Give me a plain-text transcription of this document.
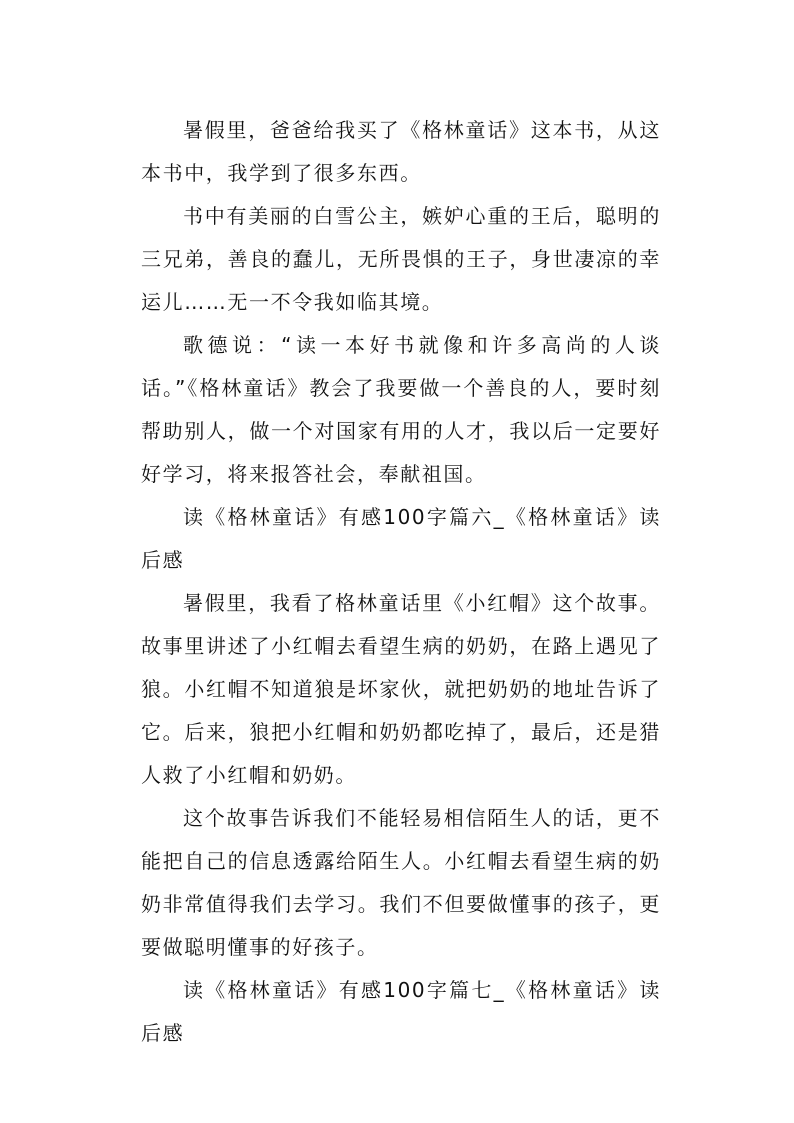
暑假里，爸爸给我买了《格林童话》这本书，从这本书中，我学到了很多东西。

书中有美丽的白雪公主，嫉妒心重的王后，聪明的三兄弟，善良的蠢儿，无所畏惧的王子，身世凄凉的幸运儿……无一不令我如临其境。

歌德说：“读一本好书就像和许多高尚的人谈话。”《格林童话》教会了我要做一个善良的人，要时刻帮助别人，做一个对国家有用的人才，我以后一定要好好学习，将来报答社会，奉献祖国。

读《格林童话》有感100字篇六_《格林童话》读后感

暑假里，我看了格林童话里《小红帽》这个故事。故事里讲述了小红帽去看望生病的奶奶，在路上遇见了狼。小红帽不知道狼是坏家伙，就把奶奶的地址告诉了它。后来，狼把小红帽和奶奶都吃掉了，最后，还是猎人救了小红帽和奶奶。

这个故事告诉我们不能轻易相信陌生人的话，更不能把自己的信息透露给陌生人。小红帽去看望生病的奶奶非常值得我们去学习。我们不但要做懂事的孩子，更要做聪明懂事的好孩子。

读《格林童话》有感100字篇七_《格林童话》读后感
